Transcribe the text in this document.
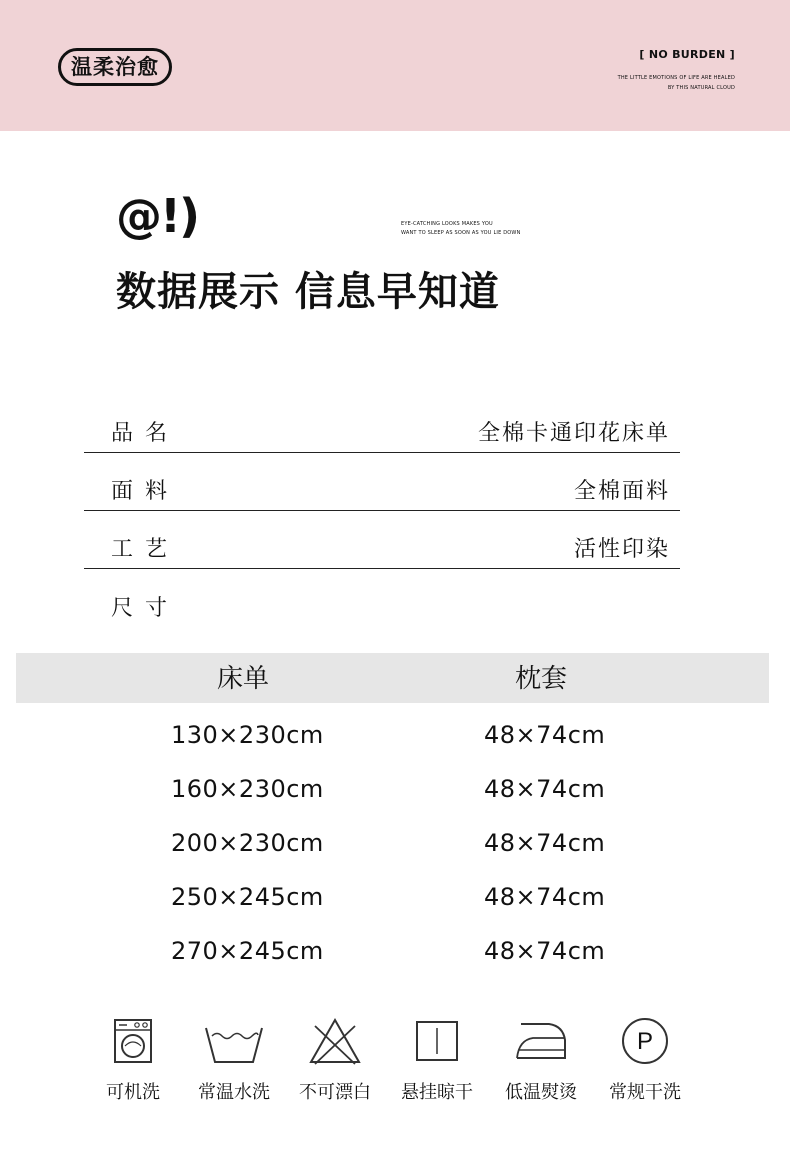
温柔治愈
[ NO BURDEN ]
THE LITTLE EMOTIONS OF LIFE ARE HEALED
BY THIS NATURAL CLOUD
@!)	EYE-CATCHING LOOKS MAKES YOU
WANT TO SLEEP AS SOON AS YOU LIE DOWN
数据展示 信息早知道
品名	全棉卡通印花床单
面料	全棉面料
工艺	活性印染
尺寸
床单	枕套
130×230cm	48×74cm
160×230cm	48×74cm
200×230cm	48×74cm
250×245cm	48×74cm
270×245cm	48×74cm
可机洗	常温水洗	不可漂白	悬挂晾干	低温熨烫
P
常规干洗
